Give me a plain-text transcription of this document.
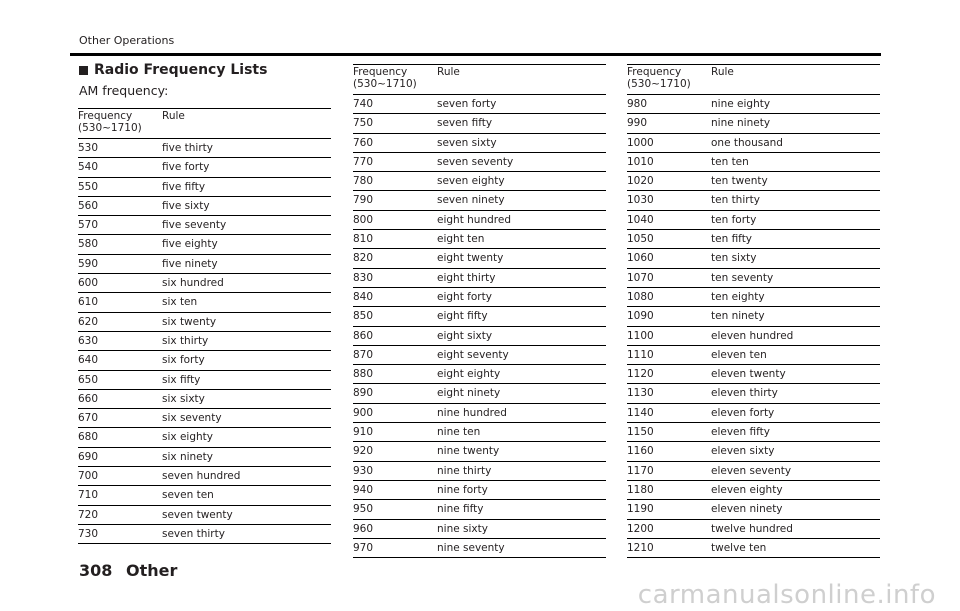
Other Operations
Radio Frequency Lists
AM frequency:
Frequency
(530~1710)	Rule
530	five thirty
540	five forty
550	five fifty
560	five sixty
570	five seventy
580	five eighty
590	five ninety
600	six hundred
610	six ten
620	six twenty
630	six thirty
640	six forty
650	six fifty
660	six sixty
670	six seventy
680	six eighty
690	six ninety
700	seven hundred
710	seven ten
720	seven twenty
730	seven thirty
Frequency
(530~1710)	Rule
740	seven forty
750	seven fifty
760	seven sixty
770	seven seventy
780	seven eighty
790	seven ninety
800	eight hundred
810	eight ten
820	eight twenty
830	eight thirty
840	eight forty
850	eight fifty
860	eight sixty
870	eight seventy
880	eight eighty
890	eight ninety
900	nine hundred
910	nine ten
920	nine twenty
930	nine thirty
940	nine forty
950	nine fifty
960	nine sixty
970	nine seventy
Frequency
(530~1710)	Rule
980	nine eighty
990	nine ninety
1000	one thousand
1010	ten ten
1020	ten twenty
1030	ten thirty
1040	ten forty
1050	ten fifty
1060	ten sixty
1070	ten seventy
1080	ten eighty
1090	ten ninety
1100	eleven hundred
1110	eleven ten
1120	eleven twenty
1130	eleven thirty
1140	eleven forty
1150	eleven fifty
1160	eleven sixty
1170	eleven seventy
1180	eleven eighty
1190	eleven ninety
1200	twelve hundred
1210	twelve ten
308 Other
carmanualsonline.info
